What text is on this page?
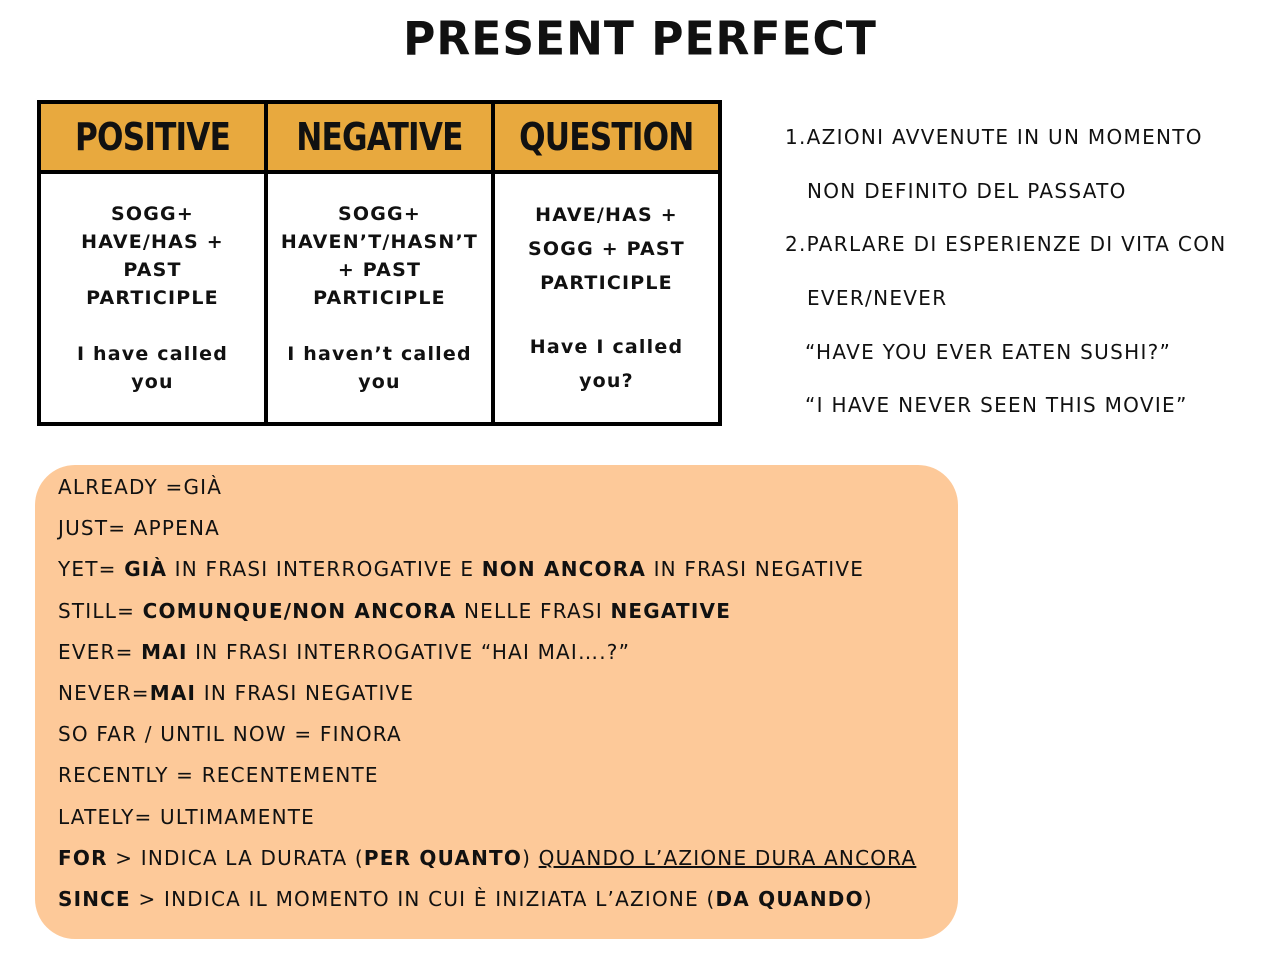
PRESENT PERFECT
POSITIVE NEGATIVE QUESTION
SOGG+
HAVE/HAS +
PAST
PARTICIPLE
I have called
you
SOGG+
HAVEN’T/HASN’T
+ PAST
PARTICIPLE
I haven’t called
you
HAVE/HAS +
SOGG + PAST
PARTICIPLE
Have I called
you?
1.AZIONI AVVENUTE IN UN MOMENTO
NON DEFINITO DEL PASSATO
2.PARLARE DI ESPERIENZE DI VITA CON
EVER/NEVER
“HAVE YOU EVER EATEN SUSHI?”
“I HAVE NEVER SEEN THIS MOVIE”
ALREADY =GIÀ
JUST= APPENA
YET= GIÀ IN FRASI INTERROGATIVE E NON ANCORA IN FRASI NEGATIVE
STILL= COMUNQUE/NON ANCORA NELLE FRASI NEGATIVE
EVER= MAI IN FRASI INTERROGATIVE “HAI MAI….?”
NEVER=MAI IN FRASI NEGATIVE
SO FAR / UNTIL NOW = FINORA
RECENTLY = RECENTEMENTE
LATELY= ULTIMAMENTE
FOR > INDICA LA DURATA (PER QUANTO) QUANDO L’AZIONE DURA ANCORA
SINCE > INDICA IL MOMENTO IN CUI È INIZIATA L’AZIONE (DA QUANDO)
